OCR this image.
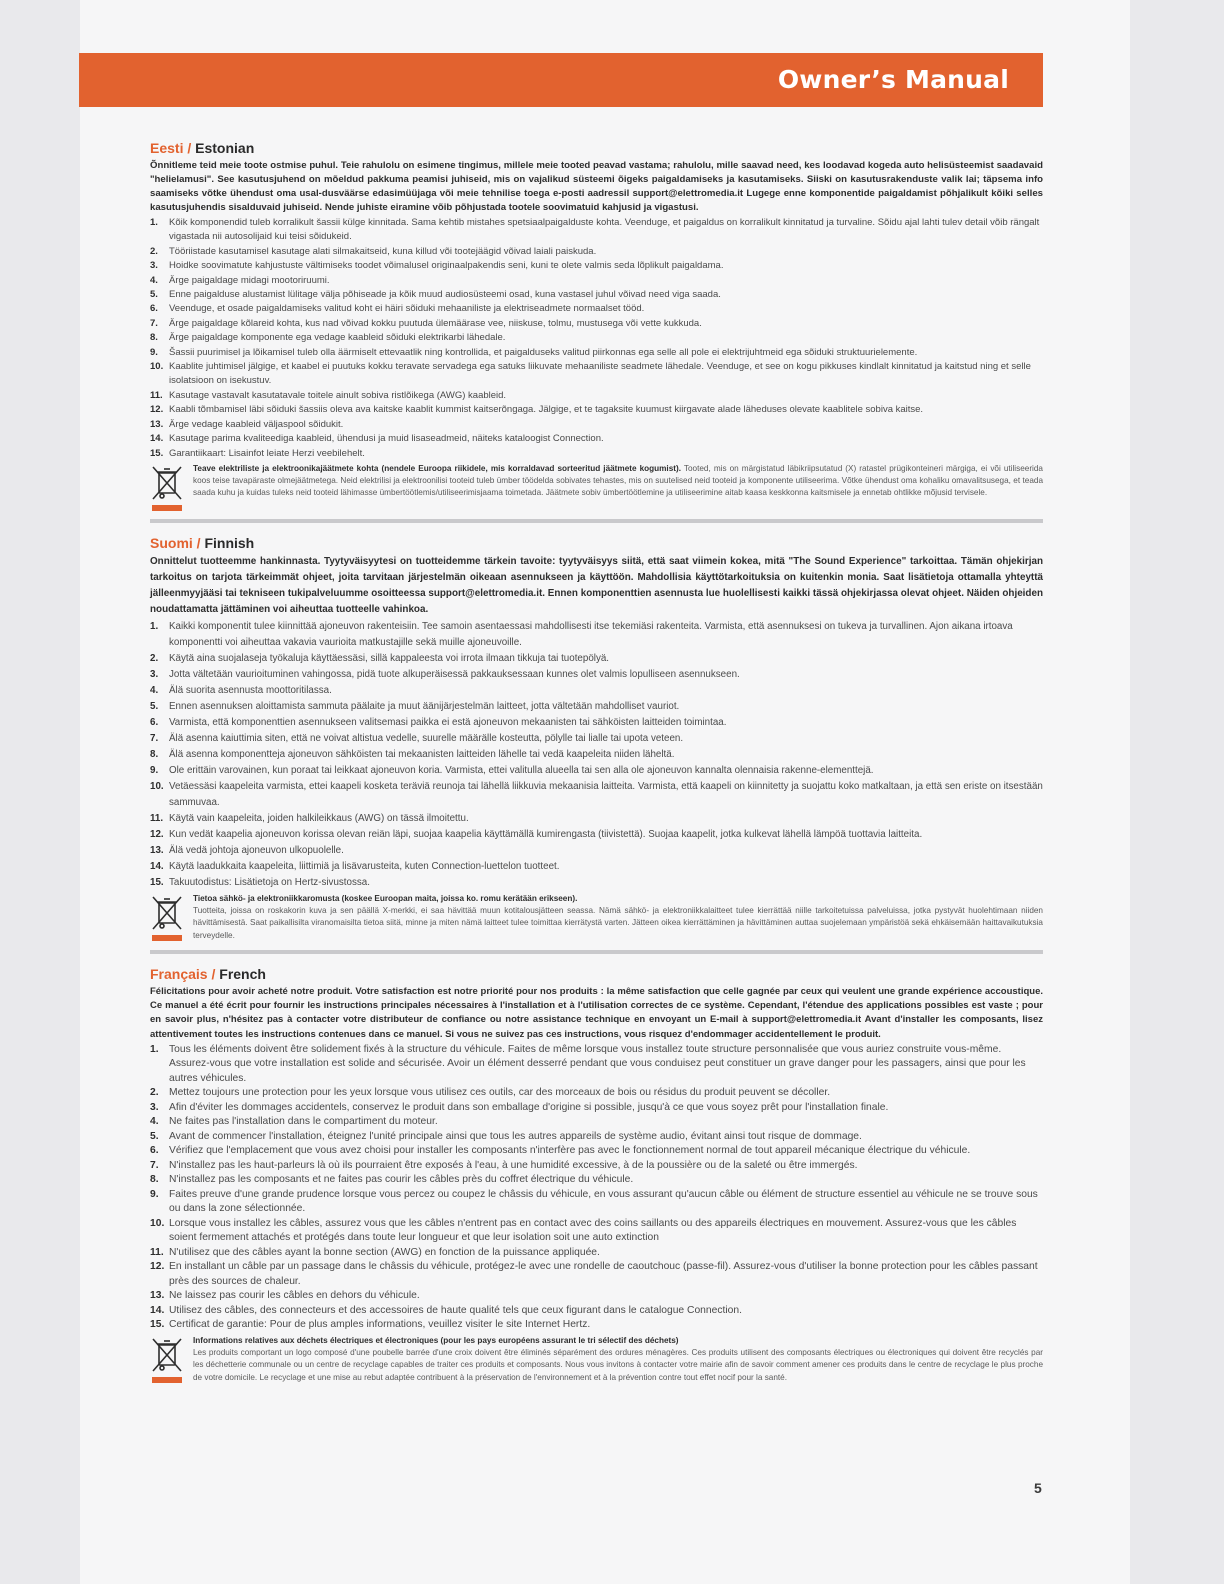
Owner’s Manual
Eesti / Estonian
Õnnitleme teid meie toote ostmise puhul. Teie rahulolu on esimene tingimus, millele meie tooted peavad vastama; rahulolu, mille saavad need, kes loodavad kogeda auto helisüsteemist saadavaid "helielamusi". See kasutusjuhend on mõeldud pakkuma peamisi juhiseid, mis on vajalikud süsteemi õigeks paigaldamiseks ja kasutamiseks. Siiski on kasutusrakenduste valik lai; täpsema info saamiseks võtke ühendust oma usal-dusväärse edasimüüjaga või meie tehnilise toega e-posti aadressil support@elettromedia.it Lugege enne komponentide paigaldamist põhjalikult kõiki selles kasutusjuhendis sisalduvaid juhiseid. Nende juhiste eiramine võib põhjustada tootele soovimatuid kahjusid ja vigastusi.
1.	Kõik komponendid tuleb korralikult šassii külge kinnitada. Sama kehtib mistahes spetsiaalpaigalduste kohta. Veenduge, et paigaldus on korralikult kinnitatud ja turvaline. Sõidu ajal lahti tulev detail võib rängalt vigastada nii autosolijaid kui teisi sõidukeid.
2.	Tööriistade kasutamisel kasutage alati silmakaitseid, kuna killud või tootejäägid võivad laiali paiskuda.
3.	Hoidke soovimatute kahjustuste vältimiseks toodet võimalusel originaalpakendis seni, kuni te olete valmis seda lõplikult paigaldama.
4.	Ärge paigaldage midagi mootoriruumi.
5.	Enne paigalduse alustamist lülitage välja põhiseade ja kõik muud audiosüsteemi osad, kuna vastasel juhul võivad need viga saada.
6.	Veenduge, et osade paigaldamiseks valitud koht ei häiri sõiduki mehaaniliste ja elektriseadmete normaalset tööd.
7.	Ärge paigaldage kõlareid kohta, kus nad võivad kokku puutuda ülemäärase vee, niiskuse, tolmu, mustusega või vette kukkuda.
8.	Ärge paigaldage komponente ega vedage kaableid sõiduki elektrikarbi lähedale.
9.	Šassii puurimisel ja lõikamisel tuleb olla äärmiselt ettevaatlik ning kontrollida, et paigalduseks valitud piirkonnas ega selle all pole ei elektrijuhtmeid ega sõiduki struktuurielemente.
10. Kaablite juhtimisel jälgige, et kaabel ei puutuks kokku teravate servadega ega satuks liikuvate mehaaniliste seadmete lähedale. Veenduge, et see on kogu pikkuses kindlalt kinnitatud ja kaitstud ning et selle isolatsioon on isekustuv.
11. Kasutage vastavalt kasutatavale toitele ainult sobiva ristlõikega (AWG) kaableid.
12. Kaabli tõmbamisel läbi sõiduki šassiis oleva ava kaitske kaablit kummist kaitserõngaga. Jälgige, et te tagaksite kuumust kiirgavate alade läheduses olevate kaablitele sobiva kaitse.
13. Ärge vedage kaableid väljaspool sõidukit.
14. Kasutage parima kvaliteediga kaableid, ühendusi ja muid lisaseadmeid, näiteks kataloogist Connection.
15. Garantiikaart: Lisainfot leiate Herzi veebilehelt.
Teave elektriliste ja elektroonikajäätmete kohta (nendele Euroopa riikidele, mis korraldavad sorteeritud jäätmete kogumist). Tooted, mis on märgistatud läbikriipsutatud (X) ratastel prügikonteineri märgiga, ei või utiliseerida koos teise tavapäraste olmejäätmetega. Neid elektrilisi ja elektroonilisi tooteid tuleb ümber töödelda sobivates tehastes, mis on suutelised neid tooteid ja komponente utiliseerima. Võtke ühendust oma kohaliku omavalitsusega, et teada saada kuhu ja kuidas tuleks neid tooteid lähimasse ümbertöötlemis/utiliseerimisjaama toimetada. Jäätmete sobiv ümbertöötlemine ja utiliseerimine aitab kaasa keskkonna kaitsmisele ja ennetab ohtlikke mõjusid tervisele.
Suomi / Finnish
Onnittelut tuotteemme hankinnasta. Tyytyväisyytesi on tuotteidemme tärkein tavoite: tyytyväisyys siitä, että saat viimein kokea, mitä "The Sound Experience" tarkoittaa. Tämän ohjekirjan tarkoitus on tarjota tärkeimmät ohjeet, joita tarvitaan järjestelmän oikeaan asennukseen ja käyttöön. Mahdollisia käyttötarkoituksia on kuitenkin monia. Saat lisätietoja ottamalla yhteyttä jälleenmyyjääsi tai tekniseen tukipalveluumme osoitteessa support@elettromedia.it. Ennen komponenttien asennusta lue huolellisesti kaikki tässä ohjekirjassa olevat ohjeet. Näiden ohjeiden noudattamatta jättäminen voi aiheuttaa tuotteelle vahinkoa.
1.	Kaikki komponentit tulee kiinnittää ajoneuvon rakenteisiin. Tee samoin asentaessasi mahdollisesti itse tekemiäsi rakenteita. Varmista, että asennuksesi on tukeva ja turvallinen. Ajon aikana irtoava komponentti voi aiheuttaa vakavia vaurioita matkustajille sekä muille ajoneuvoille.
2.	Käytä aina suojalaseja työkaluja käyttäessäsi, sillä kappaleesta voi irrota ilmaan tikkuja tai tuotepölyä.
3.	Jotta vältetään vaurioituminen vahingossa, pidä tuote alkuperäisessä pakkauksessaan kunnes olet valmis lopulliseen asennukseen.
4.	Älä suorita asennusta moottoritilassa.
5.	Ennen asennuksen aloittamista sammuta päälaite ja muut äänijärjestelmän laitteet, jotta vältetään mahdolliset vauriot.
6.	Varmista, että komponenttien asennukseen valitsemasi paikka ei estä ajoneuvon mekaanisten tai sähköisten laitteiden toimintaa.
7.	Älä asenna kaiuttimia siten, että ne voivat altistua vedelle, suurelle määrälle kosteutta, pölylle tai lialle tai upota veteen.
8.	Älä asenna komponentteja ajoneuvon sähköisten tai mekaanisten laitteiden lähelle tai vedä kaapeleita niiden läheltä.
9.	Ole erittäin varovainen, kun poraat tai leikkaat ajoneuvon koria. Varmista, ettei valitulla alueella tai sen alla ole ajoneuvon kannalta olennaisia rakenne-elementtejä.
10. Vetäessäsi kaapeleita varmista, ettei kaapeli kosketa teräviä reunoja tai lähellä liikkuvia mekaanisia laitteita. Varmista, että kaapeli on kiinnitetty ja suojattu koko matkaltaan, ja että sen eriste on itsestään sammuvaa.
11. Käytä vain kaapeleita, joiden halkileikkaus (AWG) on tässä ilmoitettu.
12. Kun vedät kaapelia ajoneuvon korissa olevan reiän läpi, suojaa kaapelia käyttämällä kumirengasta (tiivistettä). Suojaa kaapelit, jotka kulkevat lähellä lämpöä tuottavia laitteita.
13. Älä vedä johtoja ajoneuvon ulkopuolelle.
14. Käytä laadukkaita kaapeleita, liittimiä ja lisävarusteita, kuten Connection-luettelon tuotteet.
15. Takuutodistus: Lisätietoja on Hertz-sivustossa.
Tietoa sähkö- ja elektroniikkaromusta (koskee Euroopan maita, joissa ko. romu kerätään erikseen).
Tuotteita, joissa on roskakorin kuva ja sen päällä X-merkki, ei saa hävittää muun kotitalousjätteen seassa. Nämä sähkö- ja elektroniikkalaitteet tulee kierrättää niille tarkoitetuissa palveluissa, jotka pystyvät huolehtimaan niiden hävittämisestä. Saat paikallisilta viranomaisilta tietoa siitä, minne ja miten nämä laitteet tulee toimittaa kierrätystä varten. Jätteen oikea kierrättäminen ja hävittäminen auttaa suojelemaan ympäristöä sekä ehkäisemään haittavaikutuksia terveydelle.
Français / French
Félicitations pour avoir acheté notre produit. Votre satisfaction est notre priorité pour nos produits : la même satisfaction que celle gagnée par ceux qui veulent une grande expérience accoustique. Ce manuel a été écrit pour fournir les instructions principales nécessaires à l'installation et à l'utilisation correctes de ce système. Cependant, l'étendue des applications possibles est vaste ; pour en savoir plus, n'hésitez pas à contacter votre distributeur de confiance ou notre assistance technique en envoyant un E-mail à support@elettromedia.it Avant d'installer les composants, lisez attentivement toutes les instructions contenues dans ce manuel. Si vous ne suivez pas ces instructions, vous risquez d'endommager accidentellement le produit.
1.	Tous les éléments doivent être solidement fixés à la structure du véhicule. Faites de même lorsque vous installez toute structure personnalisée que vous auriez construite vous-même. Assurez-vous que votre installation est solide and sécurisée. Avoir un élément desserré pendant que vous conduisez peut constituer un grave danger pour les passagers, ainsi que pour les autres véhicules.
2.	Mettez toujours une protection pour les yeux lorsque vous utilisez ces outils, car des morceaux de bois ou résidus du produit peuvent se décoller.
3.	Afin d'éviter les dommages accidentels, conservez le produit dans son emballage d'origine si possible, jusqu'à ce que vous soyez prêt pour l'installation finale.
4.	Ne faites pas l'installation dans le compartiment du moteur.
5.	Avant de commencer l'installation, éteignez l'unité principale ainsi que tous les autres appareils de système audio, évitant ainsi tout risque de dommage.
6.	Vérifiez que l'emplacement que vous avez choisi pour installer les composants n'interfère pas avec le fonctionnement normal de tout appareil mécanique électrique du véhicule.
7.	N'installez pas les haut-parleurs là où ils pourraient être exposés à l'eau, à une humidité excessive, à de la poussière ou de la saleté ou être immergés.
8.	N'installez pas les composants et ne faites pas courir les câbles près du coffret électrique du véhicule.
9.	Faites preuve d'une grande prudence lorsque vous percez ou coupez le châssis du véhicule, en vous assurant qu'aucun câble ou élément de structure essentiel au véhicule ne se trouve sous ou dans la zone sélectionnée.
10. Lorsque vous installez les câbles, assurez vous que les câbles n'entrent pas en contact avec des coins saillants ou des appareils électriques en mouvement. Assurez-vous que les câbles soient fermement attachés et protégés dans toute leur longueur et que leur isolation soit une auto extinction
11. N'utilisez que des câbles ayant la bonne section (AWG) en fonction de la puissance appliquée.
12. En installant un câble par un passage dans le châssis du véhicule, protégez-le avec une rondelle de caoutchouc (passe-fil). Assurez-vous d'utiliser la bonne protection pour les câbles passant près des sources de chaleur.
13. Ne laissez pas courir les câbles en dehors du véhicule.
14. Utilisez des câbles, des connecteurs et des accessoires de haute qualité tels que ceux figurant dans le catalogue Connection.
15. Certificat de garantie: Pour de plus amples informations, veuillez visiter le site Internet Hertz.
Informations relatives aux déchets électriques et électroniques (pour les pays européens assurant le tri sélectif des déchets)
Les produits comportant un logo composé d'une poubelle barrée d'une croix doivent être éliminés séparément des ordures ménagères. Ces produits utilisent des composants électriques ou électroniques qui doivent être recyclés par les déchetterie communale ou un centre de recyclage capables de traiter ces produits et composants. Nous vous invitons à contacter votre mairie afin de savoir comment amener ces produits dans le centre de recyclage le plus proche de votre domicile. Le recyclage et une mise au rebut adaptée contribuent à la préservation de l'environnement et à la prévention contre tout effet nocif pour la santé.
5
